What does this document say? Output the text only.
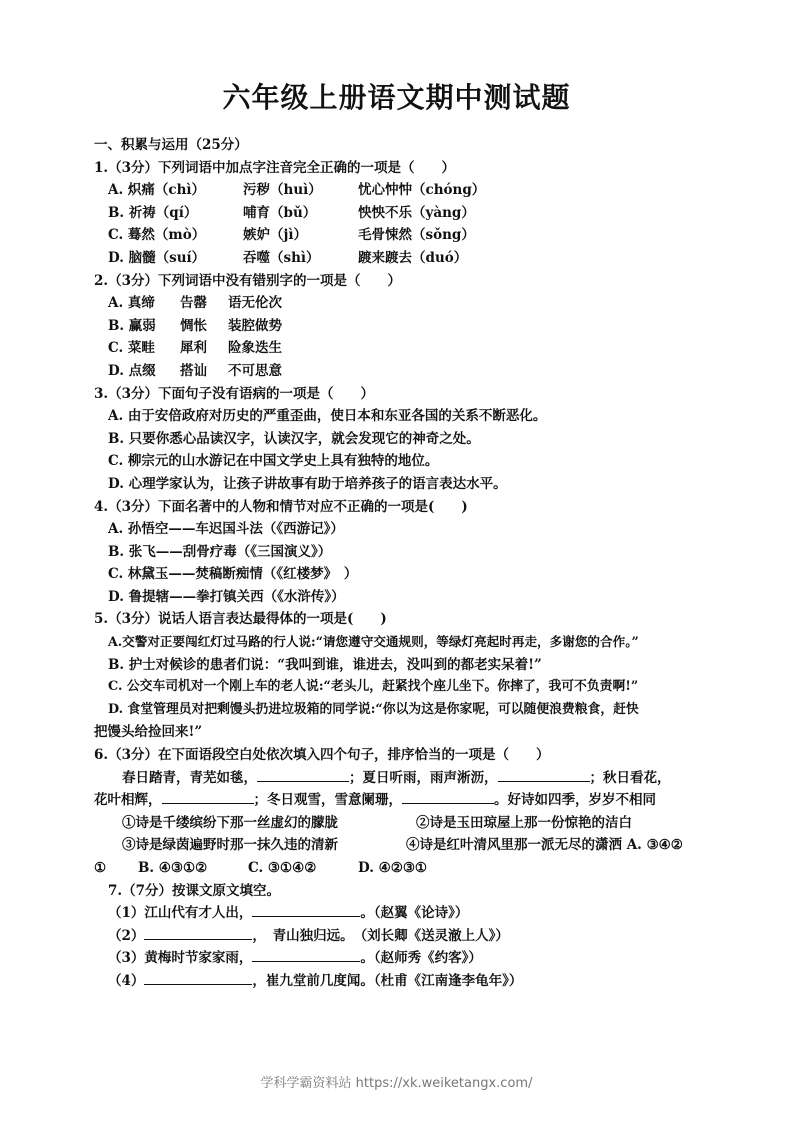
六年级上册语文期中测试题
一、积累与运用（25分）
1.（3分）下列词语中加点字注音完全正确的一项是（　　）
A. 炽痛（chì）	污秽（huì）	忧心忡忡（chóng）
B. 祈祷（qí）	哺育（bǔ）	怏怏不乐（yàng）
C. 蓦然（mò）	嫉妒（jì）	毛骨悚然（sǒng）
D. 脑髓（suí）	吞噬（shì）	踱来踱去（duó）
2.（3分）下列词语中没有错别字的一项是（　　）
A. 真缔 告罄 语无伦次
B. 赢弱 惆怅 装腔做势
C. 菜畦 犀利 险象迭生
D. 点缀 搭讪 不可思意
3.（3分）下面句子没有语病的一项是（　　）
A. 由于安倍政府对历史的严重歪曲，使日本和东亚各国的关系不断恶化。
B. 只要你悉心品读汉字，认读汉字，就会发现它的神奇之处。
C. 柳宗元的山水游记在中国文学史上具有独特的地位。
D. 心理学家认为，让孩子讲故事有助于培养孩子的语言表达水平。
4.（3分）下面名著中的人物和情节对应不正确的一项是(　　)
A. 孙悟空——车迟国斗法（《西游记》）
B. 张飞——刮骨疗毒（《三国演义》）
C. 林黛玉——焚稿断痴情（《红楼梦》　）
D. 鲁提辖——拳打镇关西（《水浒传》）
5.（3分）说话人语言表达最得体的一项是(　　)
A.交警对正要闯红灯过马路的行人说:“请您遵守交通规则，等绿灯亮起时再走，多谢您的合作。”
B. 护士对候诊的患者们说：“我叫到谁，谁进去，没叫到的都老实呆着!”
C. 公交车司机对一个刚上车的老人说:“老头儿，赶紧找个座儿坐下。你摔了，我可不负责啊!”
D. 食堂管理员对把剩馒头扔进垃圾箱的同学说:“你以为这是你家呢，可以随便浪费粮食，赶快
把馒头给捡回来!”
6.（3分）在下面语段空白处依次填入四个句子，排序恰当的一项是（　　）
春日踏青，青芜如毯，	；夏日听雨，雨声淅沥，	；秋日看花，
花叶相辉，	；冬日观雪，雪意阑珊，	。好诗如四季，岁岁不相同
①诗是千缕缤纷下那一丝虚幻的朦胧	②诗是玉田琼屋上那一份惊艳的洁白
③诗是绿茵遍野时那一抹久违的清新	④诗是红叶清风里那一派无尽的潇洒 A. ③④②
① B. ④③①②	C. ③①④②	D. ④②③①
7.（7分）按课文原文填空。
（1）江山代有才人出，	。（赵翼《论诗》）
（2）	，　青山独归远。　（刘长卿《送灵澈上人》）
（3）黄梅时节家家雨，	。（赵师秀《约客》）
（4）	，崔九堂前几度闻。（杜甫《江南逢李龟年》）
学科学霸资料站 https://xk.weiketangx.com/
